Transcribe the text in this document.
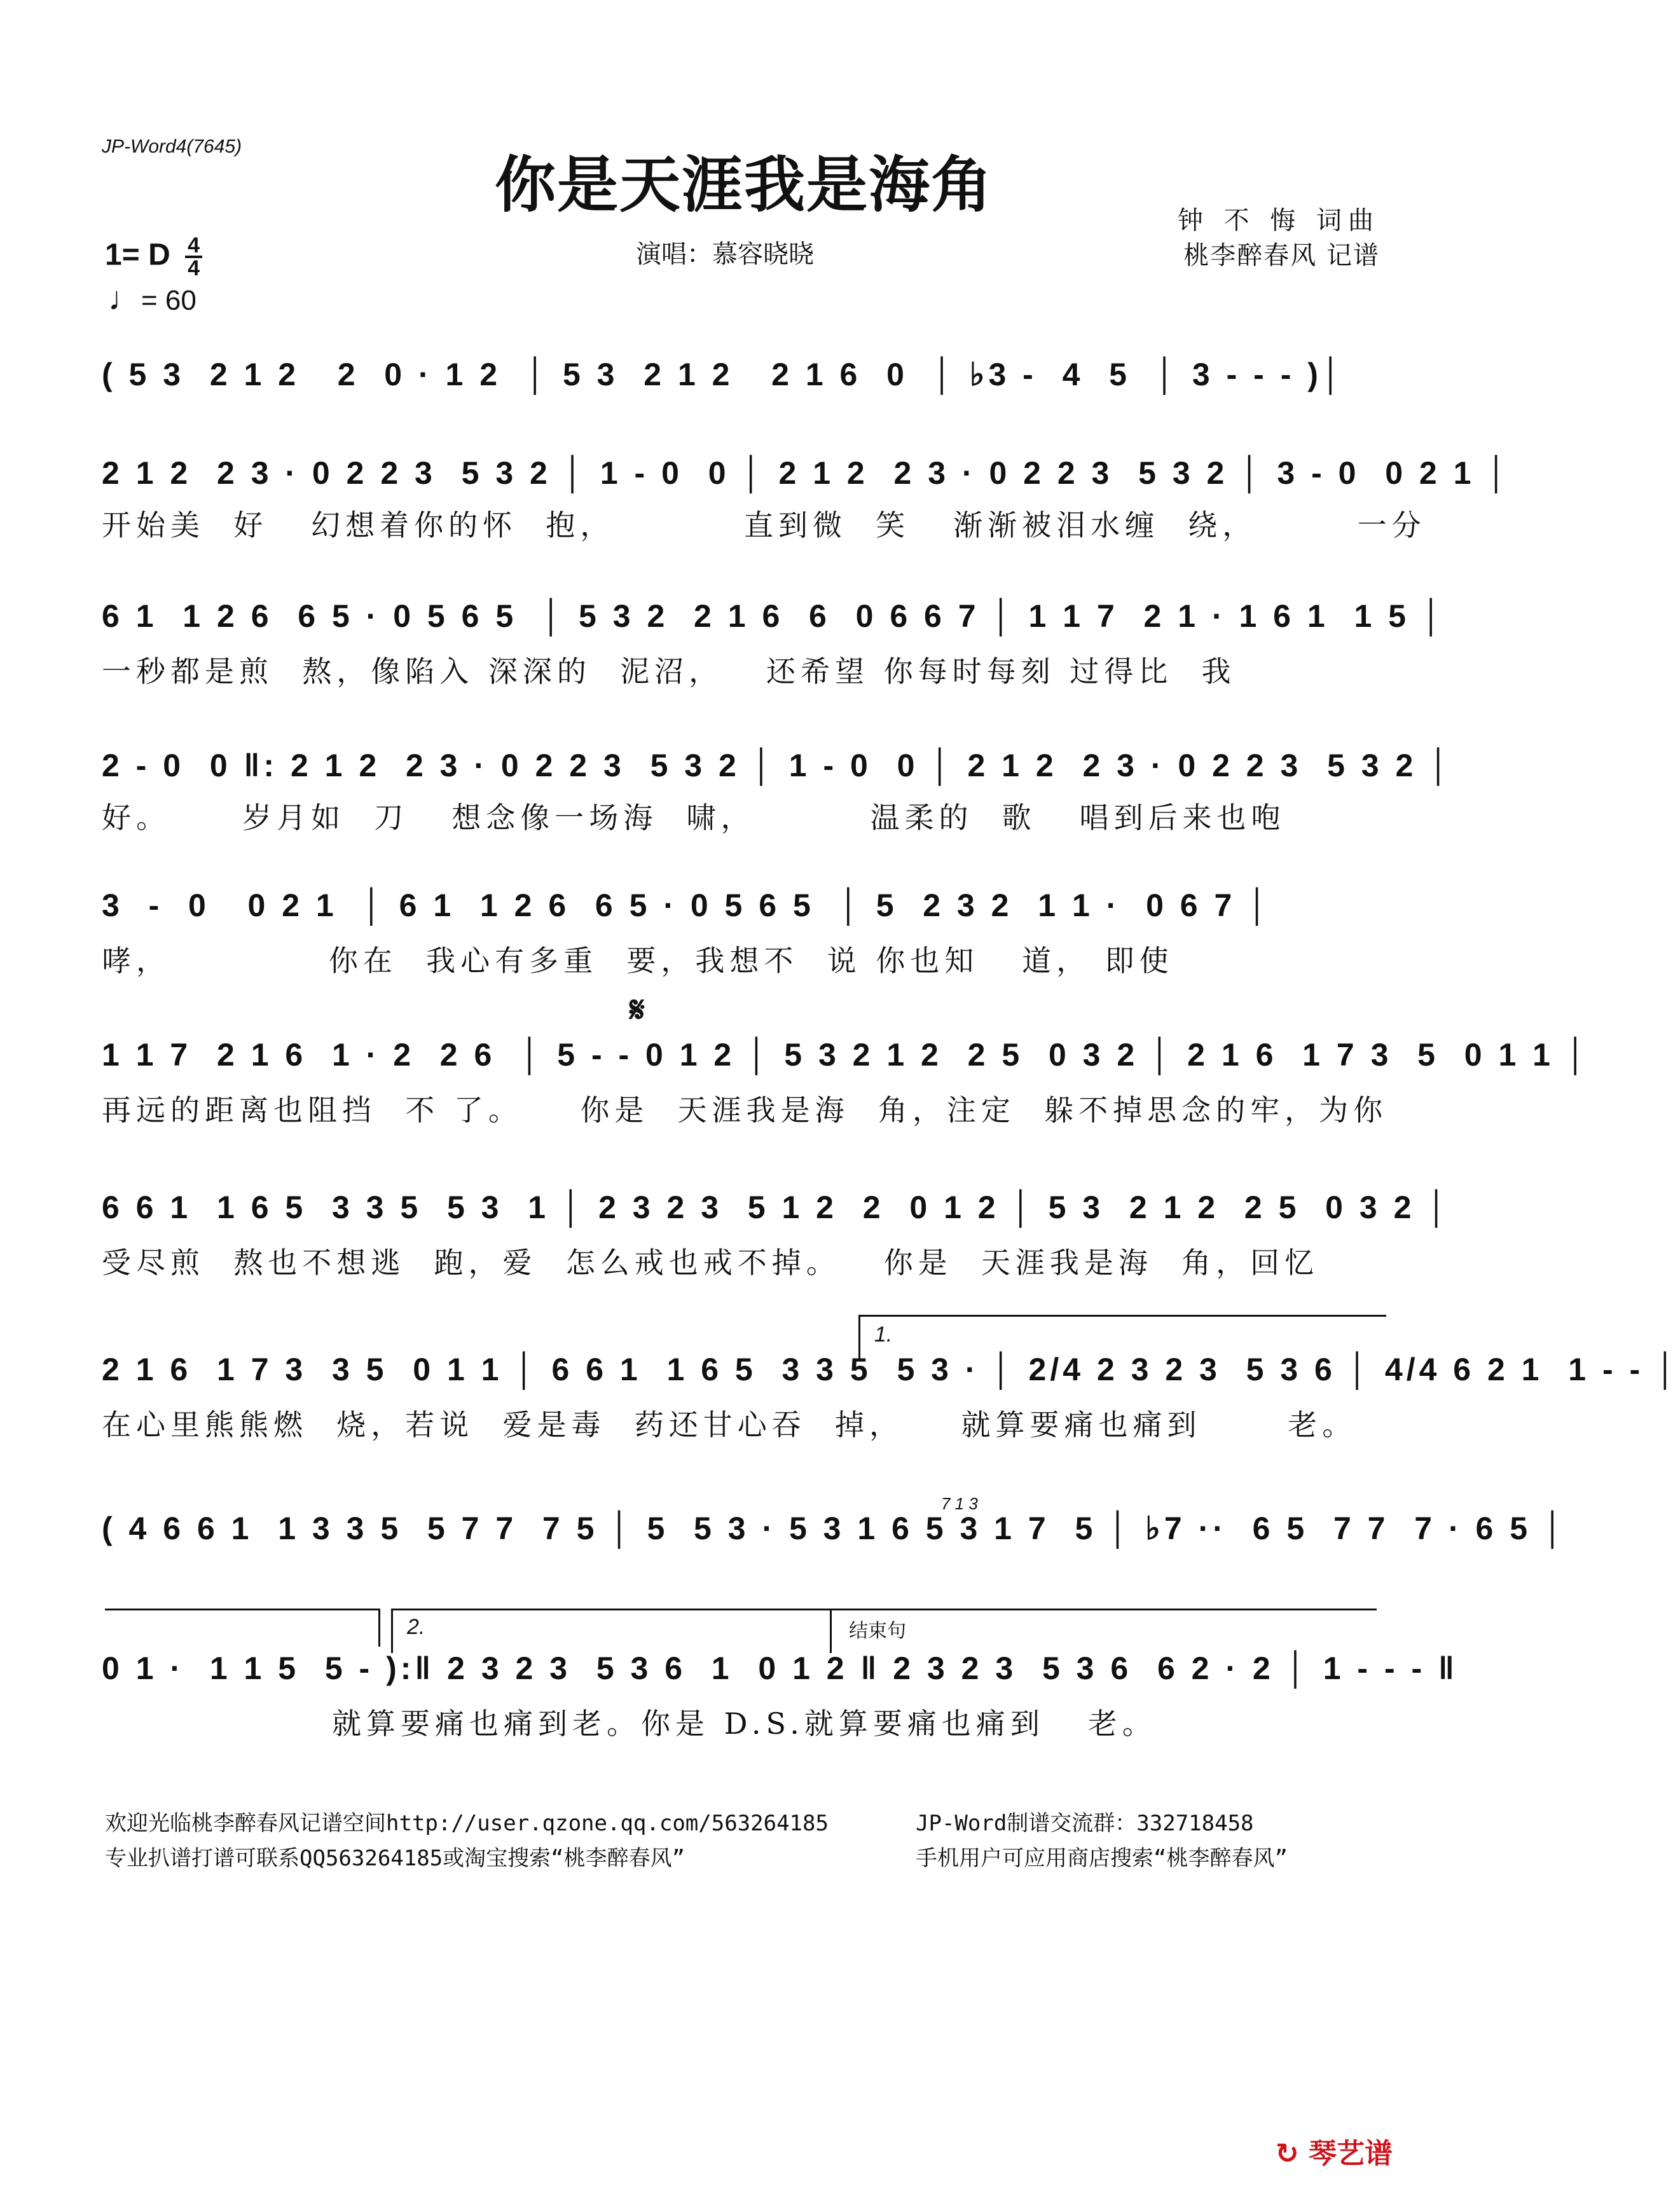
JP-Word4(7645)
你是天涯我是海角	钟 不 悔 词曲
桃李醉春风 记谱
演唱：慕容晓晓
1= D $\frac{4}{4}$
♩= 60
( 5 3  2 1 2   2  0 · 1 2  │ 5 3  2 1 2   2 1 6  0  │ ♭3 -  4  5  │ 3 - - - )│
2 1 2  2 3 · 0 2 2 3  5 3 2 │ 1 - 0  0 │ 2 1 2  2 3 · 0 2 2 3  5 3 2 │ 3 - 0  0 2 1 │
开始美  好   幻想着你的怀  抱，         直到微  笑   渐渐被泪水缠  绕，       一分
6 1  1 2 6  6 5 · 0 5 6 5  │ 5 3 2  2 1 6  6  0 6 6 7 │ 1 1 7  2 1 · 1 6 1  1 5 │
一秒都是煎  熬，像陷入 深深的  泥沼，   还希望 你每时每刻 过得比  我
2 - 0  0 ‖: 2 1 2  2 3 · 0 2 2 3  5 3 2 │ 1 - 0  0 │ 2 1 2  2 3 · 0 2 2 3  5 3 2 │
好。     岁月如  刀   想念像一场海  啸，        温柔的  歌   唱到后来也咆
3  -  0   0 2 1  │ 6 1  1 2 6  6 5 · 0 5 6 5  │ 5  2 3 2  1 1 ·  0 6 7 │
哮，           你在  我心有多重  要，我想不  说 你也知   道， 即使
𝄋
1 1 7  2 1 6  1 · 2  2 6  │ 5 - - 0 1 2 │ 5 3 2 1 2  2 5  0 3 2 │ 2 1 6  1 7 3  5  0 1 1 │
再远的距离也阻挡  不 了。    你是  天涯我是海  角，注定  躲不掉思念的牢，为你
6 6 1  1 6 5  3 3 5  5 3  1 │ 2 3 2 3  5 1 2  2  0 1 2 │ 5 3  2 1 2  2 5  0 3 2 │
受尽煎  熬也不想逃  跑，爱  怎么戒也戒不掉。   你是  天涯我是海  角，回忆
1.
2 1 6  1 7 3  3 5  0 1 1 │ 6 6 1  1 6 5  3 3 5  5 3 · │ 2/4 2 3 2 3  5 3 6 │ 4/4 6 2 1  1 - - │
在心里熊熊燃  烧，若说  爱是毒  药还甘心吞  掉，    就算要痛也痛到      老。
7 1 3
( 4 6 6 1  1 3 3 5  5 7 7  7 5 │ 5  5 3 · 5 3 1 6 5 3 1 7  5 │ ♭7 ··  6 5  7 7  7 · 6 5 │
2.	结束句
0 1 ·  1 1 5  5 - ):‖ 2 3 2 3  5 3 6  1  0 1 2 ‖ 2 3 2 3  5 3 6  6 2 · 2 │ 1 - - - ‖
就算要痛也痛到老。你是 D.S.就算要痛也痛到   老。
欢迎光临桃李醉春风记谱空间http://user.qzone.qq.com/563264185	JP-Word制谱交流群：332718458
专业扒谱打谱可联系QQ563264185或淘宝搜索“桃李醉春风”	手机用户可应用商店搜索“桃李醉春风”
↻ 琴艺谱
